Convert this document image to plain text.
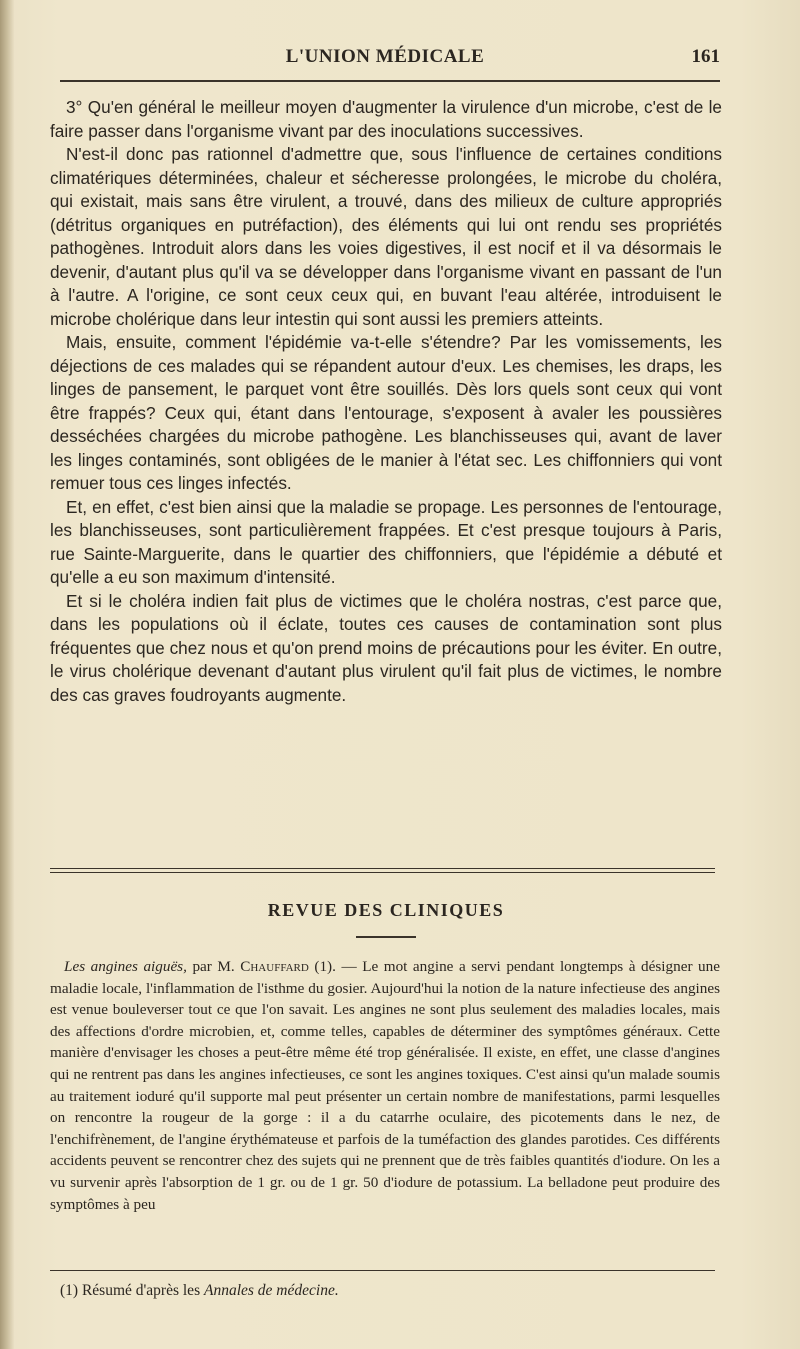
L'UNION MÉDICALE	161

3° Qu'en général le meilleur moyen d'augmenter la virulence d'un microbe, c'est de le faire passer dans l'organisme vivant par des inoculations successives.

N'est-il donc pas rationnel d'admettre que, sous l'influence de certaines conditions climatériques déterminées, chaleur et sécheresse prolongées, le microbe du choléra, qui existait, mais sans être virulent, a trouvé, dans des milieux de culture appropriés (détritus organiques en putréfaction), des éléments qui lui ont rendu ses propriétés pathogènes. Introduit alors dans les voies digestives, il est nocif et il va désormais le devenir, d'autant plus qu'il va se développer dans l'organisme vivant en passant de l'un à l'autre. A l'origine, ce sont ceux ceux qui, en buvant l'eau altérée, introduisent le microbe cholérique dans leur intestin qui sont aussi les premiers atteints.

Mais, ensuite, comment l'épidémie va-t-elle s'étendre? Par les vomissements, les déjections de ces malades qui se répandent autour d'eux. Les chemises, les draps, les linges de pansement, le parquet vont être souillés. Dès lors quels sont ceux qui vont être frappés? Ceux qui, étant dans l'entourage, s'exposent à avaler les poussières desséchées chargées du microbe pathogène. Les blanchisseuses qui, avant de laver les linges contaminés, sont obligées de le manier à l'état sec. Les chiffonniers qui vont remuer tous ces linges infectés.

Et, en effet, c'est bien ainsi que la maladie se propage. Les personnes de l'entourage, les blanchisseuses, sont particulièrement frappées. Et c'est presque toujours à Paris, rue Sainte-Marguerite, dans le quartier des chiffonniers, que l'épidémie a débuté et qu'elle a eu son maximum d'intensité.

Et si le choléra indien fait plus de victimes que le choléra nostras, c'est parce que, dans les populations où il éclate, toutes ces causes de contamination sont plus fréquentes que chez nous et qu'on prend moins de précautions pour les éviter. En outre, le virus cholérique devenant d'autant plus virulent qu'il fait plus de victimes, le nombre des cas graves foudroyants augmente.

REVUE DES CLINIQUES

Les angines aiguës, par M. Chauffard (1). — Le mot angine a servi pendant longtemps à désigner une maladie locale, l'inflammation de l'isthme du gosier. Aujourd'hui la notion de la nature infectieuse des angines est venue bouleverser tout ce que l'on savait. Les angines ne sont plus seulement des maladies locales, mais des affections d'ordre microbien, et, comme telles, capables de déterminer des symptômes généraux. Cette manière d'envisager les choses a peut-être même été trop généralisée. Il existe, en effet, une classe d'angines qui ne rentrent pas dans les angines infectieuses, ce sont les angines toxiques. C'est ainsi qu'un malade soumis au traitement ioduré qu'il supporte mal peut présenter un certain nombre de manifestations, parmi lesquelles on rencontre la rougeur de la gorge : il a du catarrhe oculaire, des picotements dans le nez, de l'enchifrènement, de l'angine érythémateuse et parfois de la tuméfaction des glandes parotides. Ces différents accidents peuvent se rencontrer chez des sujets qui ne prennent que de très faibles quantités d'iodure. On les a vu survenir après l'absorption de 1 gr. ou de 1 gr. 50 d'iodure de potassium. La belladone peut produire des symptômes à peu

(1) Résumé d'après les Annales de médecine.
